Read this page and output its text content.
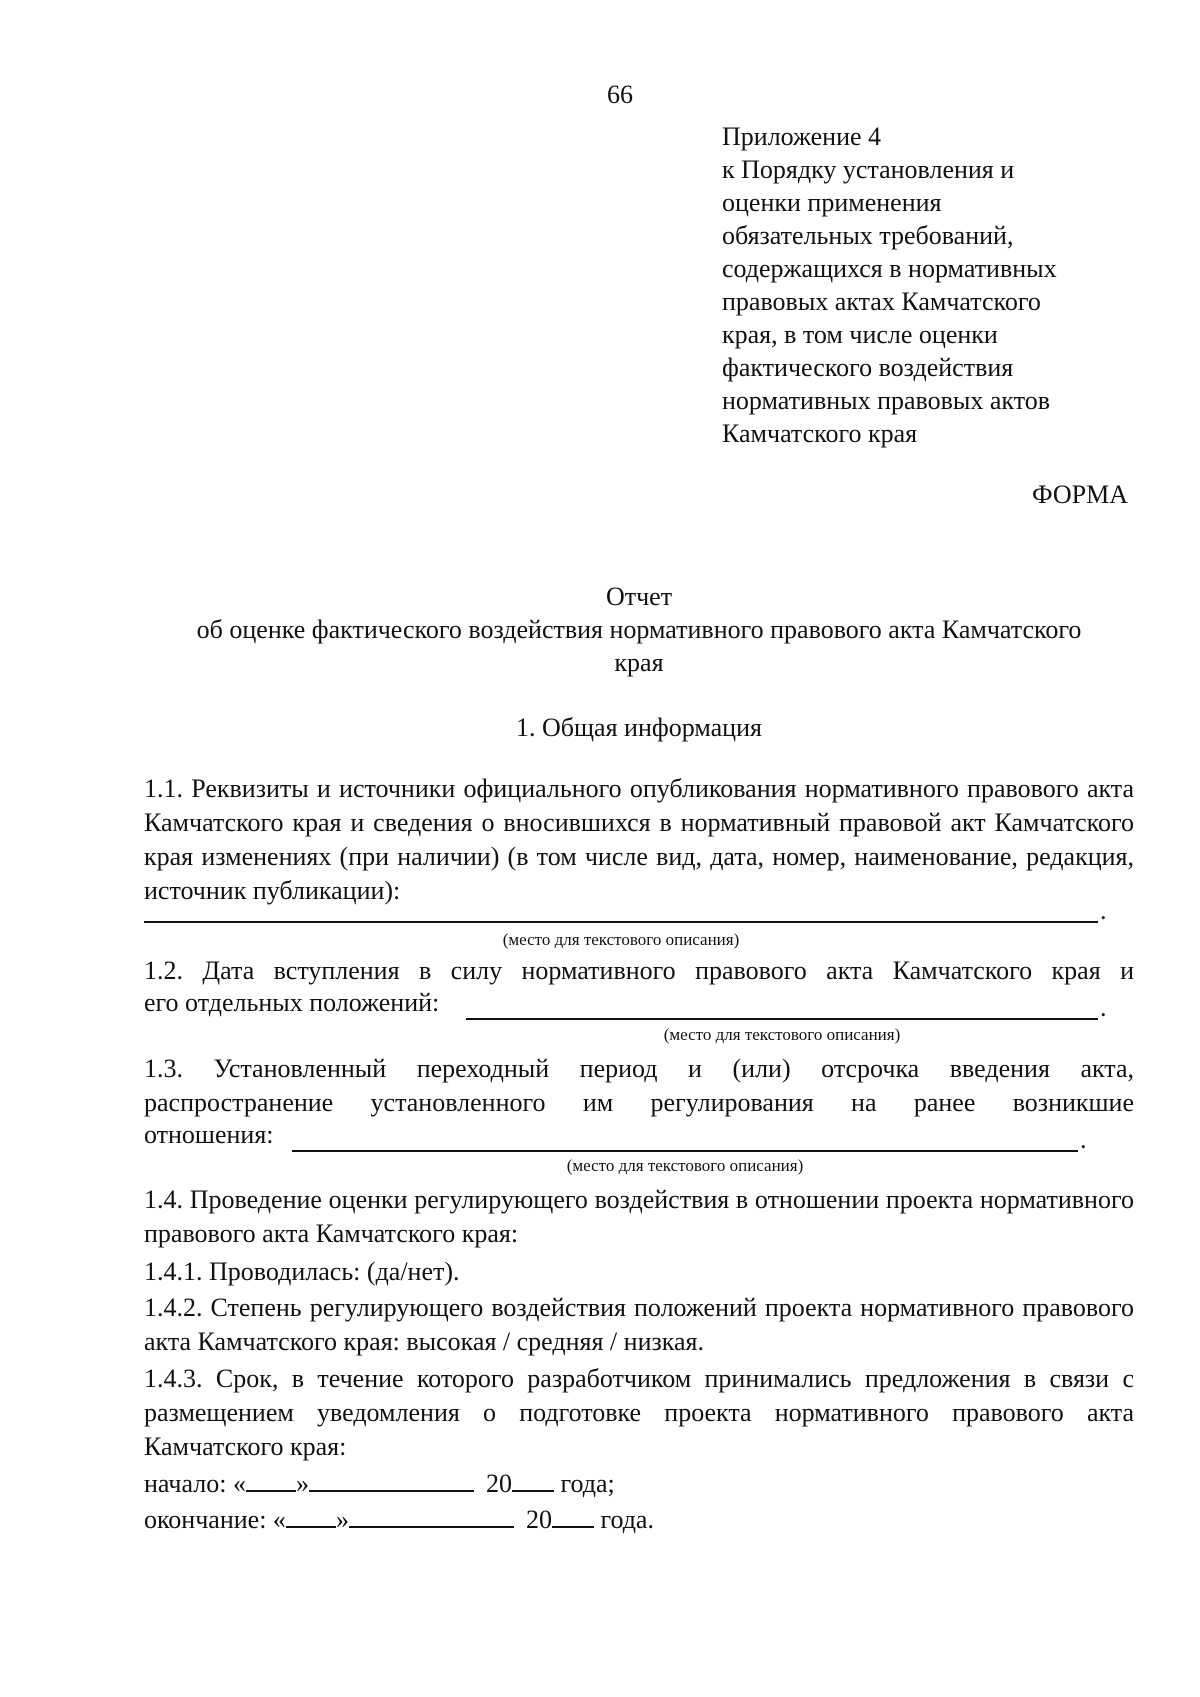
66
Приложение 4
к Порядку установления и
оценки применения
обязательных требований,
содержащихся в нормативных
правовых актах Камчатского
края, в том числе оценки
фактического воздействия
нормативных правовых актов
Камчатского края
ФОРМА
Отчет
об оценке фактического воздействия нормативного правового акта Камчатского
края
1. Общая информация
1.1. Реквизиты и источники официального опубликования нормативного правового акта Камчатского края и сведения о вносившихся в нормативный правовой акт Камчатского края изменениях (при наличии) (в том числе вид, дата, номер, наименование, редакция, источник публикации):
.
(место для текстового описания)
1.2. Дата вступления в силу нормативного правового акта Камчатского края и
его отдельных положений:	.
(место для текстового описания)
1.3. Установленный переходный период и (или) отсрочка введения акта, распространение установленного им регулирования на ранее возникшие
отношения:	.
(место для текстового описания)
1.4. Проведение оценки регулирующего воздействия в отношении проекта нормативного правового акта Камчатского края:
1.4.1. Проводилась: (да/нет).
1.4.2. Степень регулирующего воздействия положений проекта нормативного правового акта Камчатского края: высокая / средняя / низкая.
1.4.3. Срок, в течение которого разработчиком принимались предложения в связи с размещением уведомления о подготовке проекта нормативного правового акта Камчатского края:
начало: « »	20 года;
окончание: « »	20 года.
